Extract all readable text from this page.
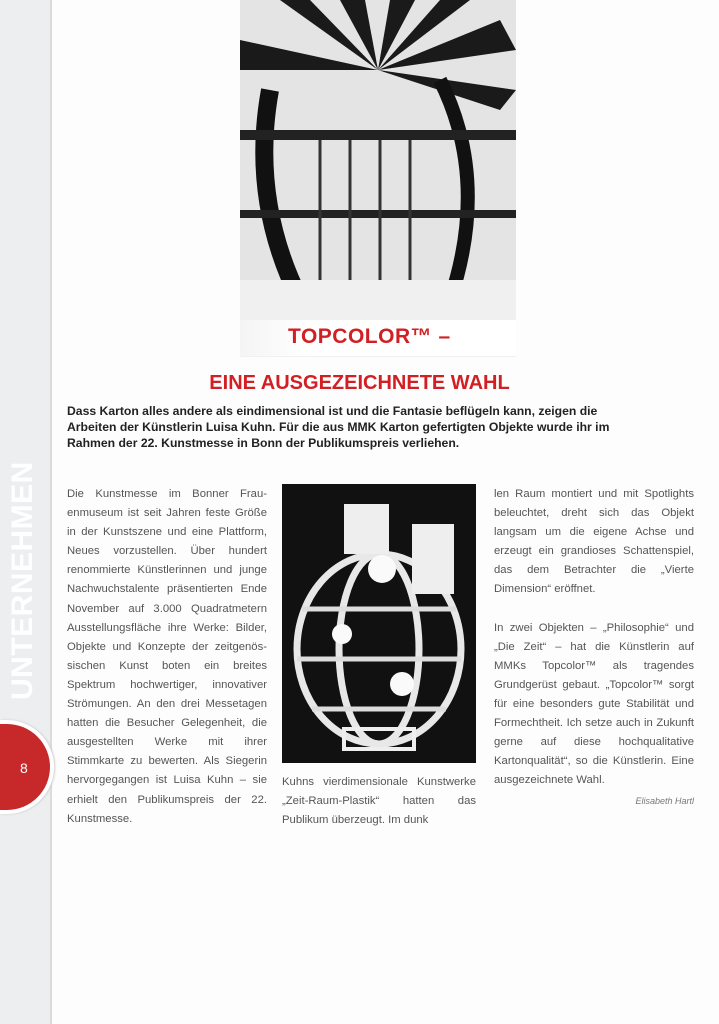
UNTERNEHMEN
8
TOPCOLOR™ –
EINE AUSGEZEICHNETE WAHL
Dass Karton alles andere als eindimensional ist und die Fantasie beflügeln kann, zeigen die Arbeiten der Künstlerin Luisa Kuhn. Für die aus MMK Karton gefertigten Objekte wurde ihr im Rahmen der 22. Kunstmesse in Bonn der Publikumspreis verliehen.

Die Kunstmesse im Bonner Frauenmuseum ist seit Jahren feste Größe in der Kunstszene und eine Plattform, Neues vorzustellen. Über hundert renommierte Künstlerinnen und junge Nachwuchstalente präsentierten Ende November auf 3.000 Quadratmetern Ausstellungsfläche ihre Werke: Bilder, Objekte und Konzepte der zeitgenössischen Kunst boten ein breites Spektrum hochwertiger, innovativer Strömungen. An den drei Messetagen hatten die Besucher Gelegenheit, die ausgestellten Werke mit ihrer Stimmkarte zu bewerten. Als Siegerin hervorgegangen ist Luisa Kuhn – sie erhielt den Publikumspreis der 22. Kunstmesse.

Kuhns vierdimensionale Kunstwerke „Zeit-Raum-Plastik“ hatten das Publikum überzeugt. Im dunk

len Raum montiert und mit Spotlights beleuchtet, dreht sich das Objekt langsam um die eigene Achse und erzeugt ein grandioses Schattenspiel, das dem Betrachter die „Vierte Dimension“ eröffnet.

In zwei Objekten – „Philosophie“ und „Die Zeit“ – hat die Künstlerin auf MMKs Topcolor™ als tragendes Grundgerüst gebaut. „Topcolor™ sorgt für eine besonders gute Stabilität und Formechtheit. Ich setze auch in Zukunft gerne auf diese hochqualitative Kartonqualität“, so die Künstlerin. Eine ausgezeichnete Wahl.

Elisabeth Hartl
